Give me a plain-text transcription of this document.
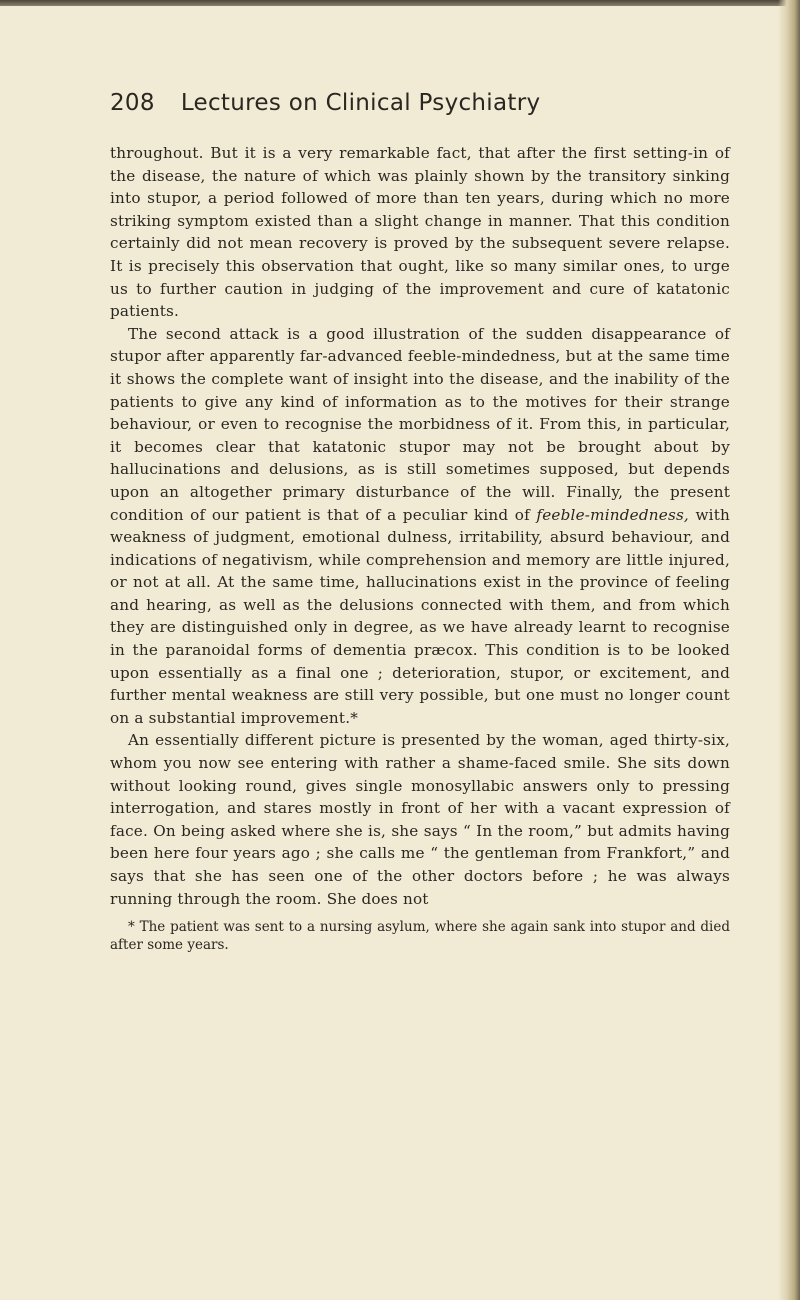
208 Lectures on Clinical Psychiatry

throughout. But it is a very remarkable fact, that after the first setting-in of the disease, the nature of which was plainly shown by the transitory sinking into stupor, a period followed of more than ten years, during which no more striking symptom existed than a slight change in manner. That this condition certainly did not mean recovery is proved by the subsequent severe relapse. It is precisely this observation that ought, like so many similar ones, to urge us to further caution in judging of the improvement and cure of katatonic patients.

The second attack is a good illustration of the sudden disappearance of stupor after apparently far-advanced feeble-mindedness, but at the same time it shows the complete want of insight into the disease, and the inability of the patients to give any kind of information as to the motives for their strange behaviour, or even to recognise the morbidness of it. From this, in particular, it becomes clear that katatonic stupor may not be brought about by hallucinations and delusions, as is still sometimes supposed, but depends upon an altogether primary disturbance of the will. Finally, the present condition of our patient is that of a peculiar kind of feeble-mindedness, with weakness of judgment, emotional dulness, irritability, absurd behaviour, and indications of negativism, while comprehension and memory are little injured, or not at all. At the same time, hallucinations exist in the province of feeling and hearing, as well as the delusions connected with them, and from which they are distinguished only in degree, as we have already learnt to recognise in the paranoidal forms of dementia præcox. This condition is to be looked upon essentially as a final one ; deterioration, stupor, or excitement, and further mental weakness are still very possible, but one must no longer count on a substantial improvement.*

An essentially different picture is presented by the woman, aged thirty-six, whom you now see entering with rather a shame-faced smile. She sits down without looking round, gives single monosyllabic answers only to pressing interrogation, and stares mostly in front of her with a vacant expression of face. On being asked where she is, she says “ In the room,” but admits having been here four years ago ; she calls me “ the gentleman from Frankfort,” and says that she has seen one of the other doctors before ; he was always running through the room. She does not

* The patient was sent to a nursing asylum, where she again sank into stupor and died after some years.
